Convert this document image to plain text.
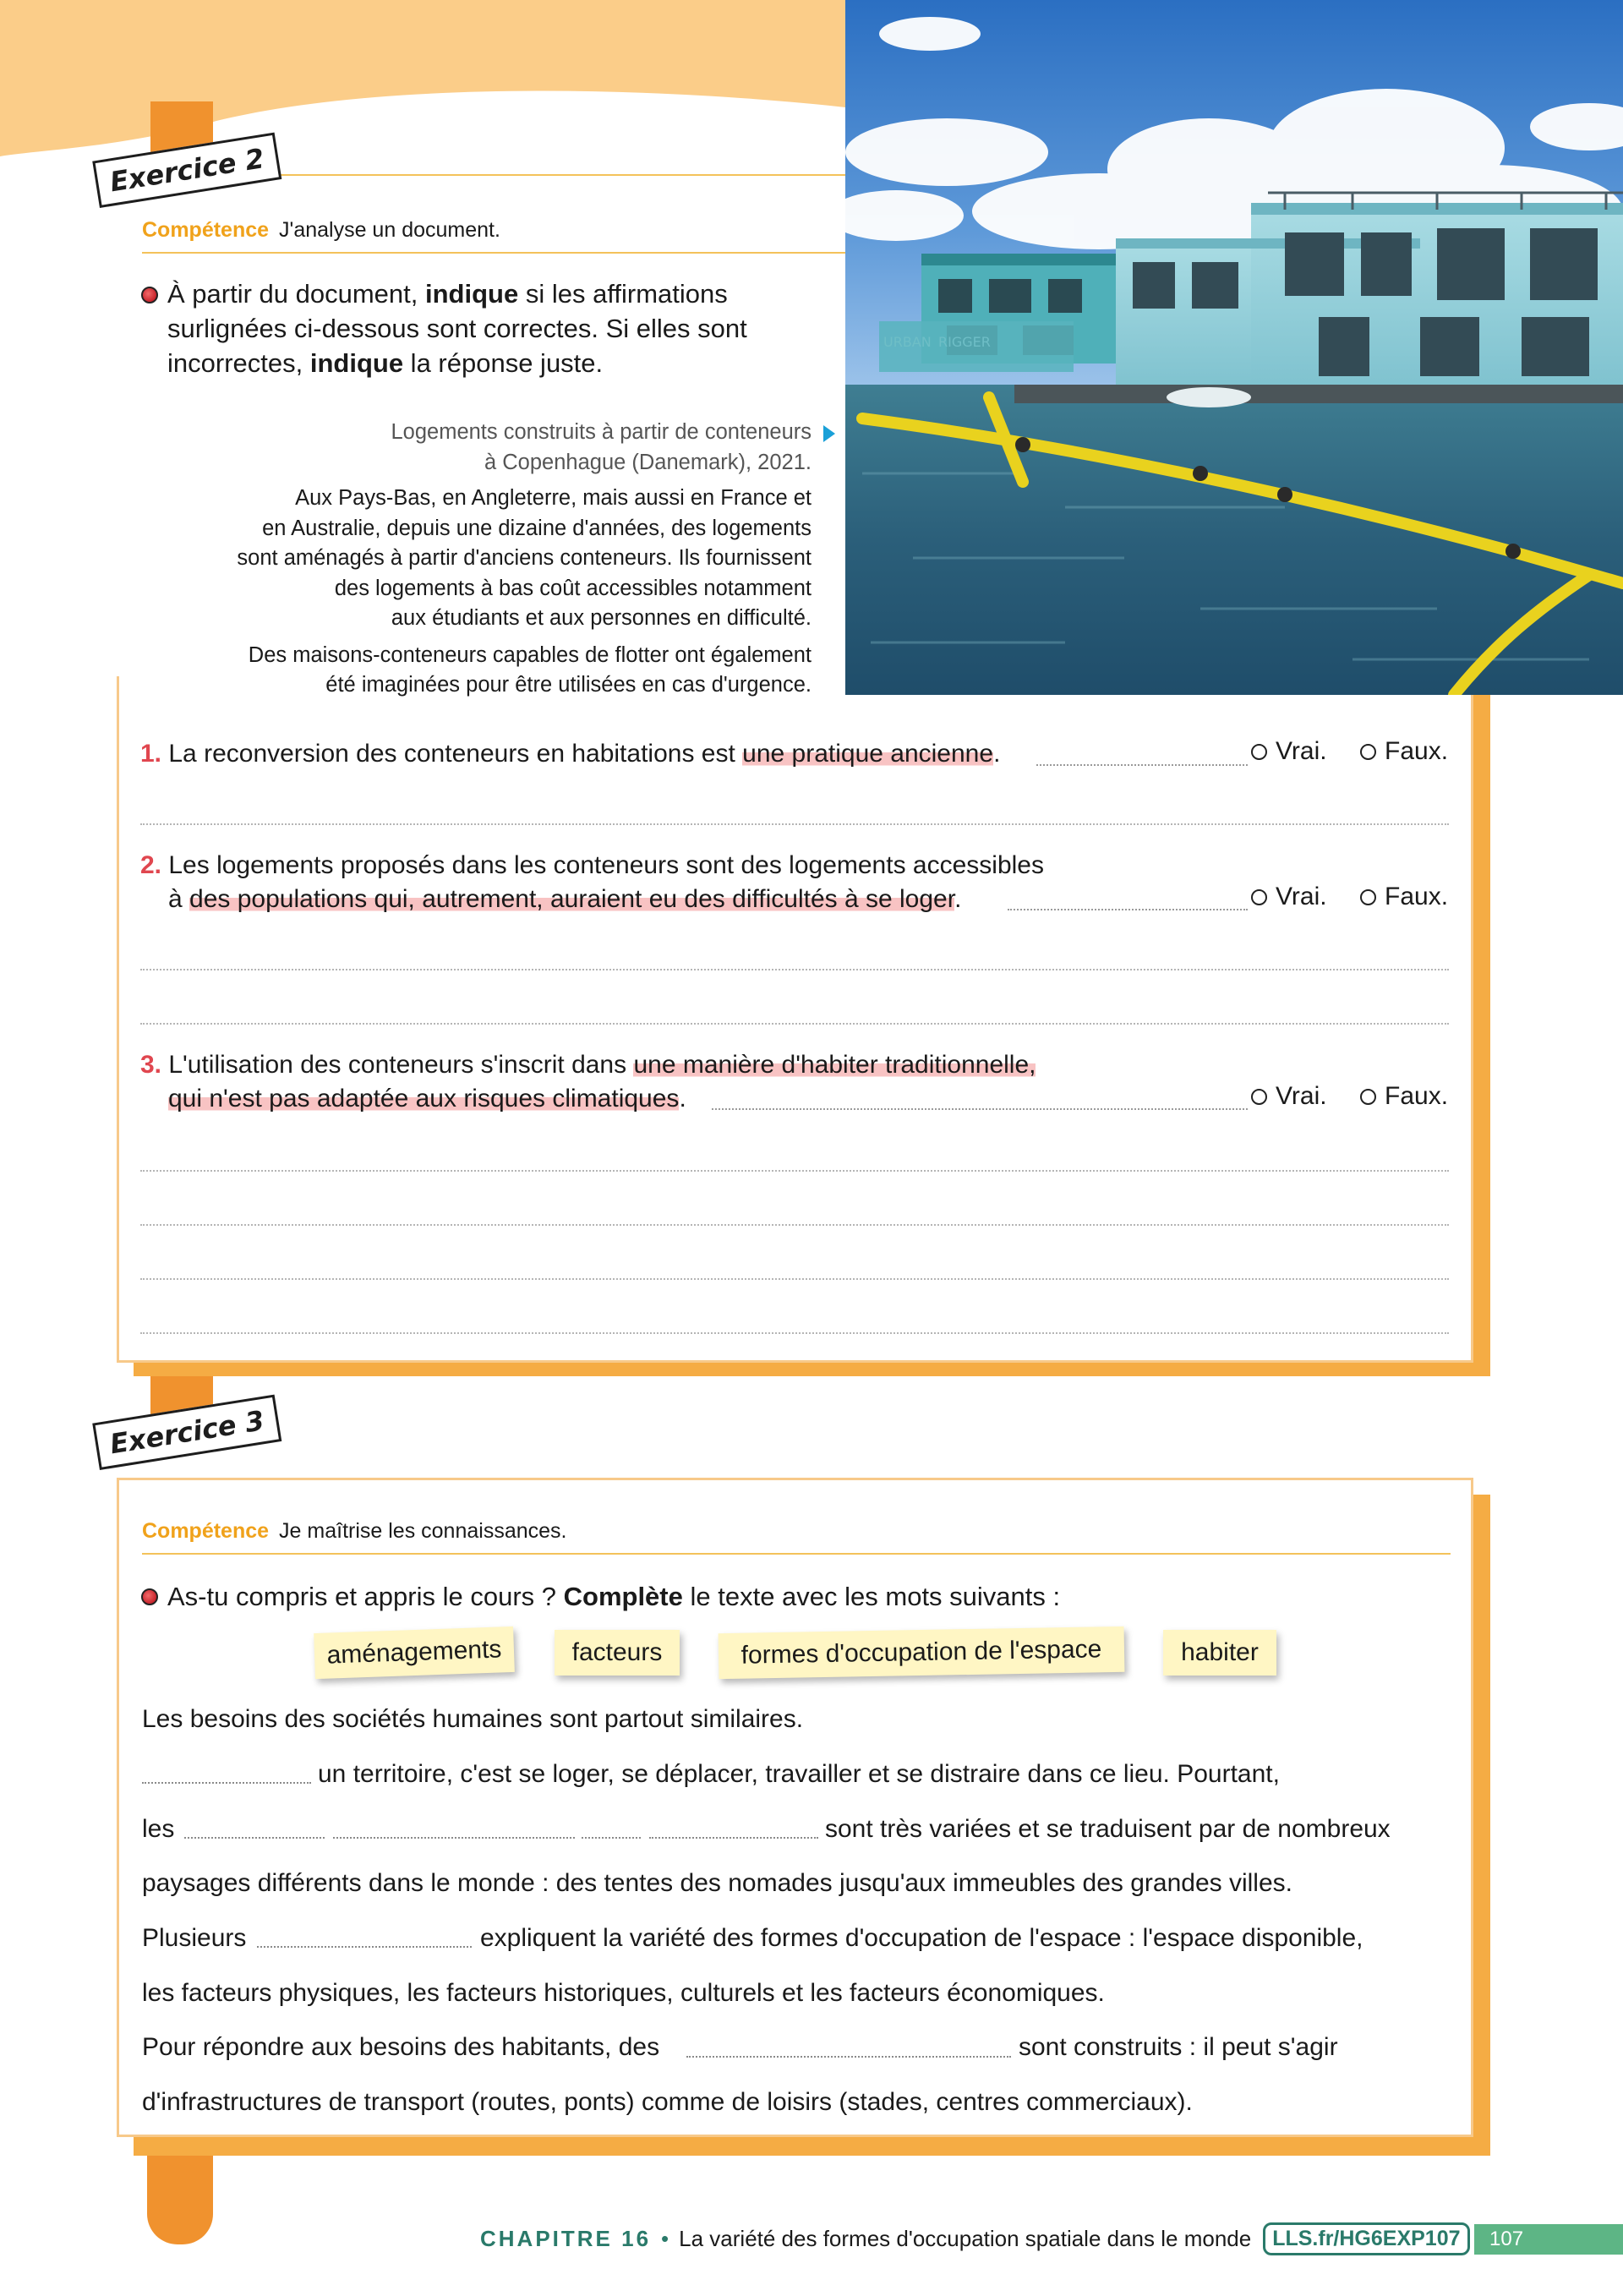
Exercice 2
Compétence J'analyse un document.
À partir du document, indique si les affirmations
surlignées ci-dessous sont correctes. Si elles sont
incorrectes, indique la réponse juste.
Logements construits à partir de conteneurs
à Copenhague (Danemark), 2021.
Aux Pays-Bas, en Angleterre, mais aussi en France et
en Australie, depuis une dizaine d'années, des logements
sont aménagés à partir d'anciens conteneurs. Ils fournissent
des logements à bas coût accessibles notamment
aux étudiants et aux personnes en difficulté.
Des maisons-conteneurs capables de flotter ont également
été imaginées pour être utilisées en cas d'urgence.
1. La reconversion des conteneurs en habitations est une pratique ancienne.	Vrai. Faux.
2. Les logements proposés dans les conteneurs sont des logements accessibles
à des populations qui, autrement, auraient eu des difficultés à se loger.	Vrai. Faux.
3. L'utilisation des conteneurs s'inscrit dans une manière d'habiter traditionnelle,
qui n'est pas adaptée aux risques climatiques.	Vrai. Faux.
Exercice 3
Compétence Je maîtrise les connaissances.
As-tu compris et appris le cours ? Complète le texte avec les mots suivants :
aménagements	facteurs	formes d'occupation de l'espace	habiter
Les besoins des sociétés humaines sont partout similaires.
un territoire, c'est se loger, se déplacer, travailler et se distraire dans ce lieu. Pourtant,
les	sont très variées et se traduisent par de nombreux
paysages différents dans le monde : des tentes des nomades jusqu'aux immeubles des grandes villes.
Plusieurs	expliquent la variété des formes d'occupation de l'espace : l'espace disponible,
les facteurs physiques, les facteurs historiques, culturels et les facteurs économiques.
Pour répondre aux besoins des habitants, des	sont construits : il peut s'agir
d'infrastructures de transport (routes, ponts) comme de loisirs (stades, centres commerciaux).
CHAPITRE 16 • La variété des formes d'occupation spatiale dans le monde	LLS.fr/HG6EXP107	107
